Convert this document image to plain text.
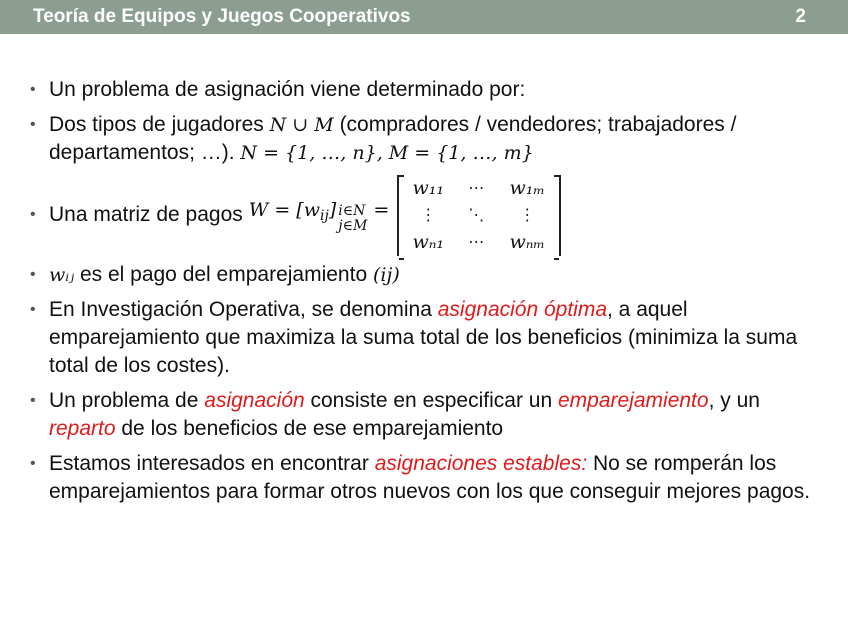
Teoría de Equipos y Juegos Cooperativos	2
• Un problema de asignación viene determinado por:
• Dos tipos de jugadores N ∪ M (compradores / vendedores; trabajadores / departamentos; …). N = {1, …, n}, M = {1, …, m}
• Una matriz de pagos $W = [w_{ij}]$ i∈N
j∈M
=
w₁₁ ⋯ w₁ₘ
⋮ ⋱ ⋮
wₙ₁ ⋯ wₙₘ
• wᵢⱼ es el pago del emparejamiento (ij)
• En Investigación Operativa, se denomina asignación óptima, a aquel emparejamiento que maximiza la suma total de los beneficios (minimiza la suma total de los costes).
• Un problema de asignación consiste en especificar un emparejamiento, y un reparto de los beneficios de ese emparejamiento
• Estamos interesados en encontrar asignaciones estables: No se romperán los emparejamientos para formar otros nuevos con los que conseguir mejores pagos.
